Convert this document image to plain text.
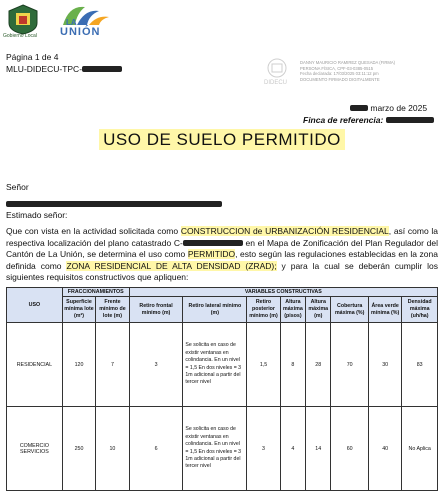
Gobierno Local
LA
UNIÓN
Página 1 de 4
MLU-DIDECU-TPC-
DANNY MAURICIO RAMIREZ QUESADA (FIRMA)
PERSONA FÍSICA, CPF-03-0385-0515
Fecha declarada: 17/03/2025 03:11:12 pm
DOCUMENTO FIRMADO DIGITALMENTE
DIDECU
marzo de 2025
Finca de referencia:
USO DE SUELO PERMITIDO
Señor
Estimado señor:
Que con vista en la actividad solicitada como CONSTRUCCION de URBANIZACIÓN RESIDENCIAL, así como la respectiva localización del plano catastrado C-	en el Mapa de Zonificación del Plan Regulador del Cantón de La Unión, se determina el uso como PERMITIDO, esto según las regulaciones establecidas en la zona definida como ZONA RESIDENCIAL DE ALTA DENSIDAD (ZRAD); y para la cual se deberán cumplir los siguientes requisitos constructivos que apliquen:
USO	FRACCIONAMIENTOS		VARIABLES CONSTRUCTIVAS							
	Superficie mínima lote (m²)	Frente mínimo de lote (m)	Retiro frontal mínimo (m)	Retiro lateral mínimo (m)	Retiro posterior mínimo (m)	Altura máxima (pisos)	Altura máxima (m)	Cobertura máxima (%)	Área verde mínima (%)	Densidad máxima (uh/ha)
RESIDENCIAL	120	7	3	Se solicita en caso de existir ventanas en colindancia. En un nivel = 1,5 En dos niveles = 3 1m adicional a partir del tercer nivel	1,5	8	28	70	30	83
COMERCIO SERVICIOS	250	10	6	Se solicita en caso de existir ventanas en colindancia. En un nivel = 1,5 En dos niveles = 3 1m adicional a partir del tercer nivel	3	4	14	60	40	No Aplica
